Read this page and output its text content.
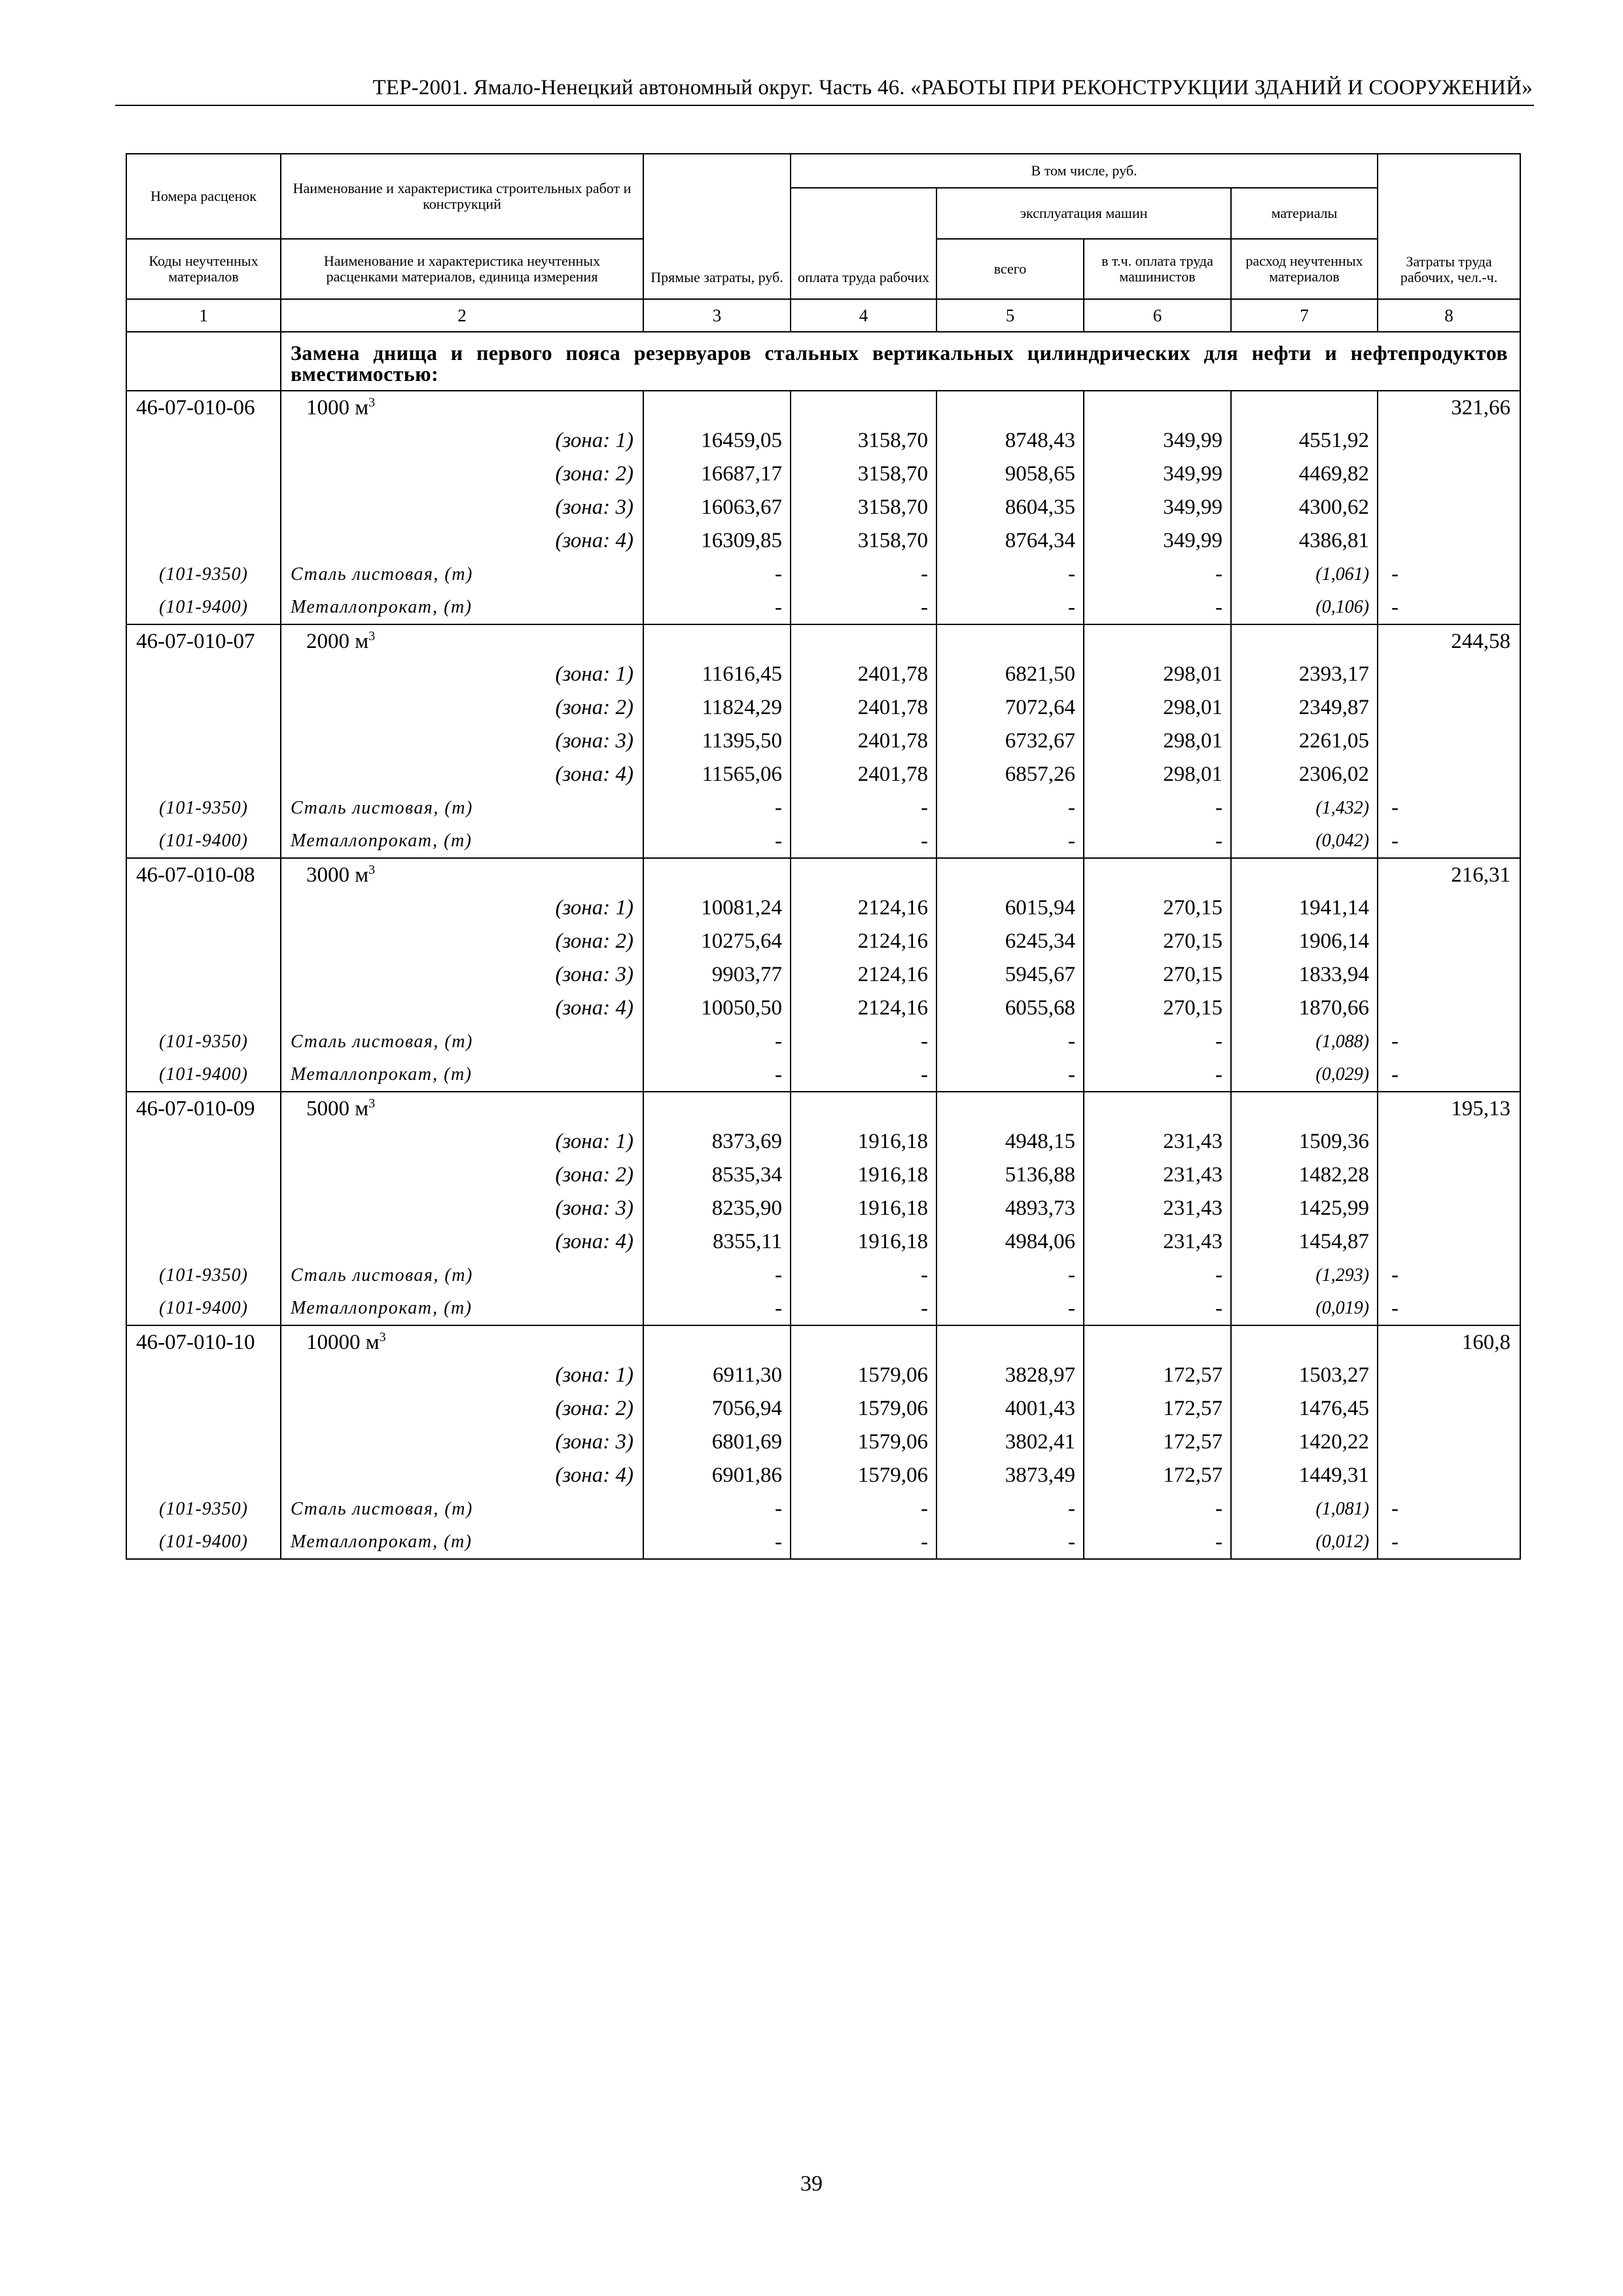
ТЕР-2001. Ямало-Ненецкий автономный округ. Часть 46. «РАБОТЫ ПРИ РЕКОНСТРУКЦИИ ЗДАНИЙ И СООРУЖЕНИЙ»
Номера расценок	Наименование и характеристика строительных работ и конструкций	Прямые затраты, руб.	В том числе, руб.				Затраты труда рабочих, чел.-ч.
			оплата труда рабочих	эксплуатация машин		материалы	
Коды неучтенных материалов	Наименование и характеристика неучтенных расценками материалов, единица измерения			всего	в т.ч. оплата труда машинистов	расход неучтенных материалов	
1	2	3	4	5	6	7	8
	Замена днища и первого пояса резервуаров стальных вертикальных цилиндрических для нефти и нефтепродуктов вместимостью:						
46-07-010-06	1000 $м^3$						321,66
	(зона: 1)	16459,05	3158,70	8748,43	349,99	4551,92	
	(зона: 2)	16687,17	3158,70	9058,65	349,99	4469,82	
	(зона: 3)	16063,67	3158,70	8604,35	349,99	4300,62	
	(зона: 4)	16309,85	3158,70	8764,34	349,99	4386,81	
(101-9350)	Сталь листовая, (т)	-	-	-	-	(1,061)	-
(101-9400)	Металлопрокат, (т)	-	-	-	-	(0,106)	-
46-07-010-07	2000 $м^3$						244,58
	(зона: 1)	11616,45	2401,78	6821,50	298,01	2393,17	
	(зона: 2)	11824,29	2401,78	7072,64	298,01	2349,87	
	(зона: 3)	11395,50	2401,78	6732,67	298,01	2261,05	
	(зона: 4)	11565,06	2401,78	6857,26	298,01	2306,02	
(101-9350)	Сталь листовая, (т)	-	-	-	-	(1,432)	-
(101-9400)	Металлопрокат, (т)	-	-	-	-	(0,042)	-
46-07-010-08	3000 $м^3$						216,31
	(зона: 1)	10081,24	2124,16	6015,94	270,15	1941,14	
	(зона: 2)	10275,64	2124,16	6245,34	270,15	1906,14	
	(зона: 3)	9903,77	2124,16	5945,67	270,15	1833,94	
	(зона: 4)	10050,50	2124,16	6055,68	270,15	1870,66	
(101-9350)	Сталь листовая, (т)	-	-	-	-	(1,088)	-
(101-9400)	Металлопрокат, (т)	-	-	-	-	(0,029)	-
46-07-010-09	5000 $м^3$						195,13
	(зона: 1)	8373,69	1916,18	4948,15	231,43	1509,36	
	(зона: 2)	8535,34	1916,18	5136,88	231,43	1482,28	
	(зона: 3)	8235,90	1916,18	4893,73	231,43	1425,99	
	(зона: 4)	8355,11	1916,18	4984,06	231,43	1454,87	
(101-9350)	Сталь листовая, (т)	-	-	-	-	(1,293)	-
(101-9400)	Металлопрокат, (т)	-	-	-	-	(0,019)	-
46-07-010-10	10000 $м^3$						160,8
	(зона: 1)	6911,30	1579,06	3828,97	172,57	1503,27	
	(зона: 2)	7056,94	1579,06	4001,43	172,57	1476,45	
	(зона: 3)	6801,69	1579,06	3802,41	172,57	1420,22	
	(зона: 4)	6901,86	1579,06	3873,49	172,57	1449,31	
(101-9350)	Сталь листовая, (т)	-	-	-	-	(1,081)	-
(101-9400)	Металлопрокат, (т)	-	-	-	-	(0,012)	-
39
